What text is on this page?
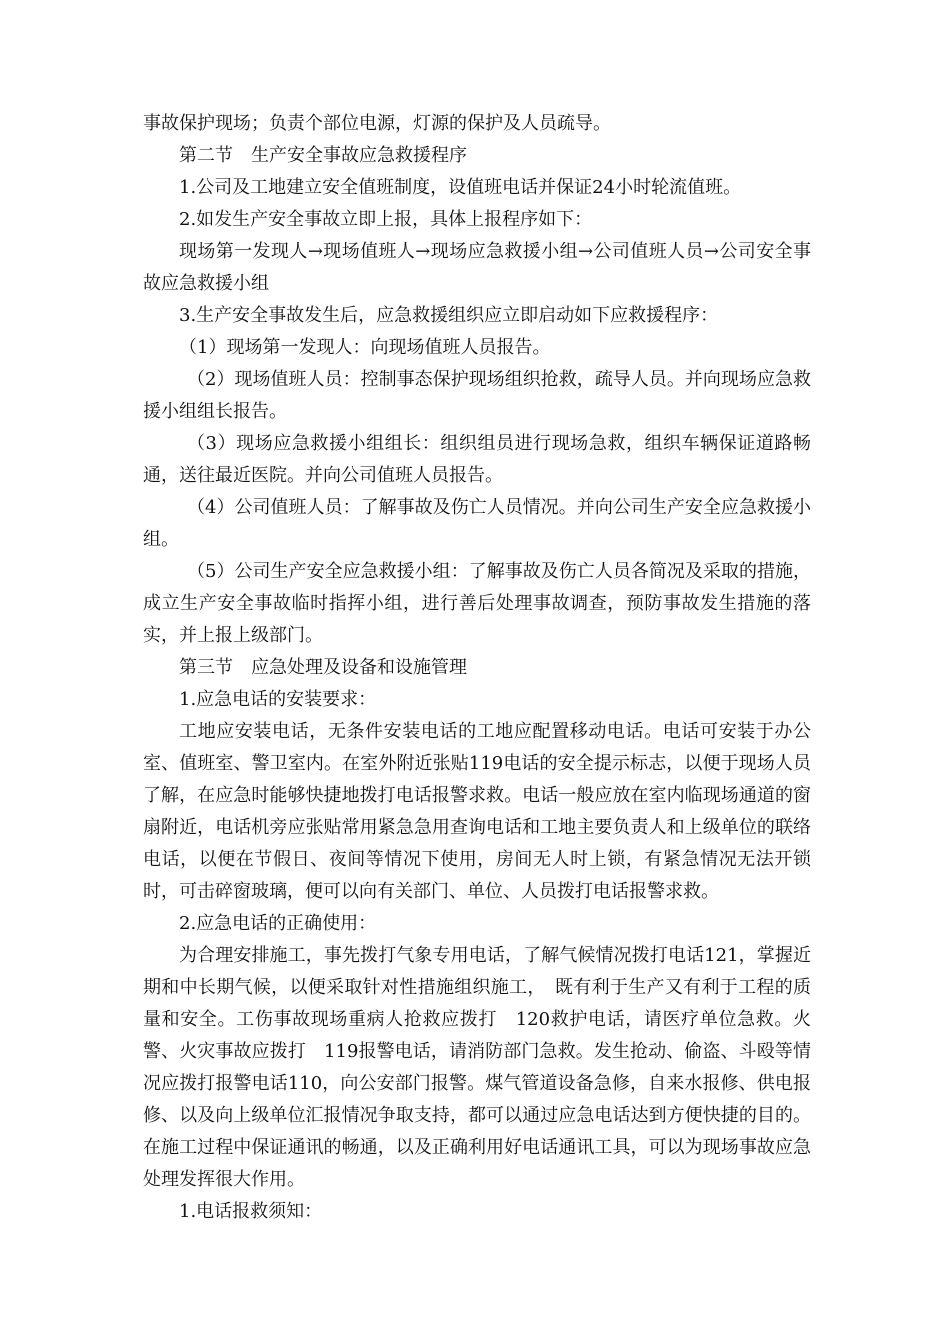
事故保护现场；负责个部位电源，灯源的保护及人员疏导。

第二节　生产安全事故应急救援程序

1.公司及工地建立安全值班制度，设值班电话并保证24小时轮流值班。

2.如发生产安全事故立即上报，具体上报程序如下：

现场第一发现人→现场值班人→现场应急救援小组→公司值班人员→公司安全事故应急救援小组

3.生产安全事故发生后，应急救援组织应立即启动如下应救援程序：

（1）现场第一发现人：向现场值班人员报告。

（2）现场值班人员：控制事态保护现场组织抢救，疏导人员。并向现场应急救援小组组长报告。

（3）现场应急救援小组组长：组织组员进行现场急救，组织车辆保证道路畅通，送往最近医院。并向公司值班人员报告。

（4）公司值班人员：了解事故及伤亡人员情况。并向公司生产安全应急救援小组。

（5）公司生产安全应急救援小组：了解事故及伤亡人员各简况及采取的措施，成立生产安全事故临时指挥小组，进行善后处理事故调查，预防事故发生措施的落实，并上报上级部门。

第三节　应急处理及设备和设施管理

1.应急电话的安装要求：

工地应安装电话，无条件安装电话的工地应配置移动电话。电话可安装于办公室、值班室、警卫室内。在室外附近张贴119电话的安全提示标志，以便于现场人员了解，在应急时能够快捷地拨打电话报警求救。电话一般应放在室内临现场通道的窗扇附近，电话机旁应张贴常用紧急急用查询电话和工地主要负责人和上级单位的联络电话，以便在节假日、夜间等情况下使用，房间无人时上锁，有紧急情况无法开锁时，可击碎窗玻璃，便可以向有关部门、单位、人员拨打电话报警求救。

2.应急电话的正确使用：

为合理安排施工，事先拨打气象专用电话，了解气候情况拨打电话121，掌握近期和中长期气候，以便采取针对性措施组织施工，　既有利于生产又有利于工程的质量和安全。工伤事故现场重病人抢救应拨打　120救护电话，请医疗单位急救。火警、火灾事故应拨打　119报警电话，请消防部门急救。发生抢动、偷盗、斗殴等情况应拨打报警电话110，向公安部门报警。煤气管道设备急修，自来水报修、供电报修、以及向上级单位汇报情况争取支持，都可以通过应急电话达到方便快捷的目的。在施工过程中保证通讯的畅通，以及正确利用好电话通讯工具，可以为现场事故应急处理发挥很大作用。

1.电话报救须知：
